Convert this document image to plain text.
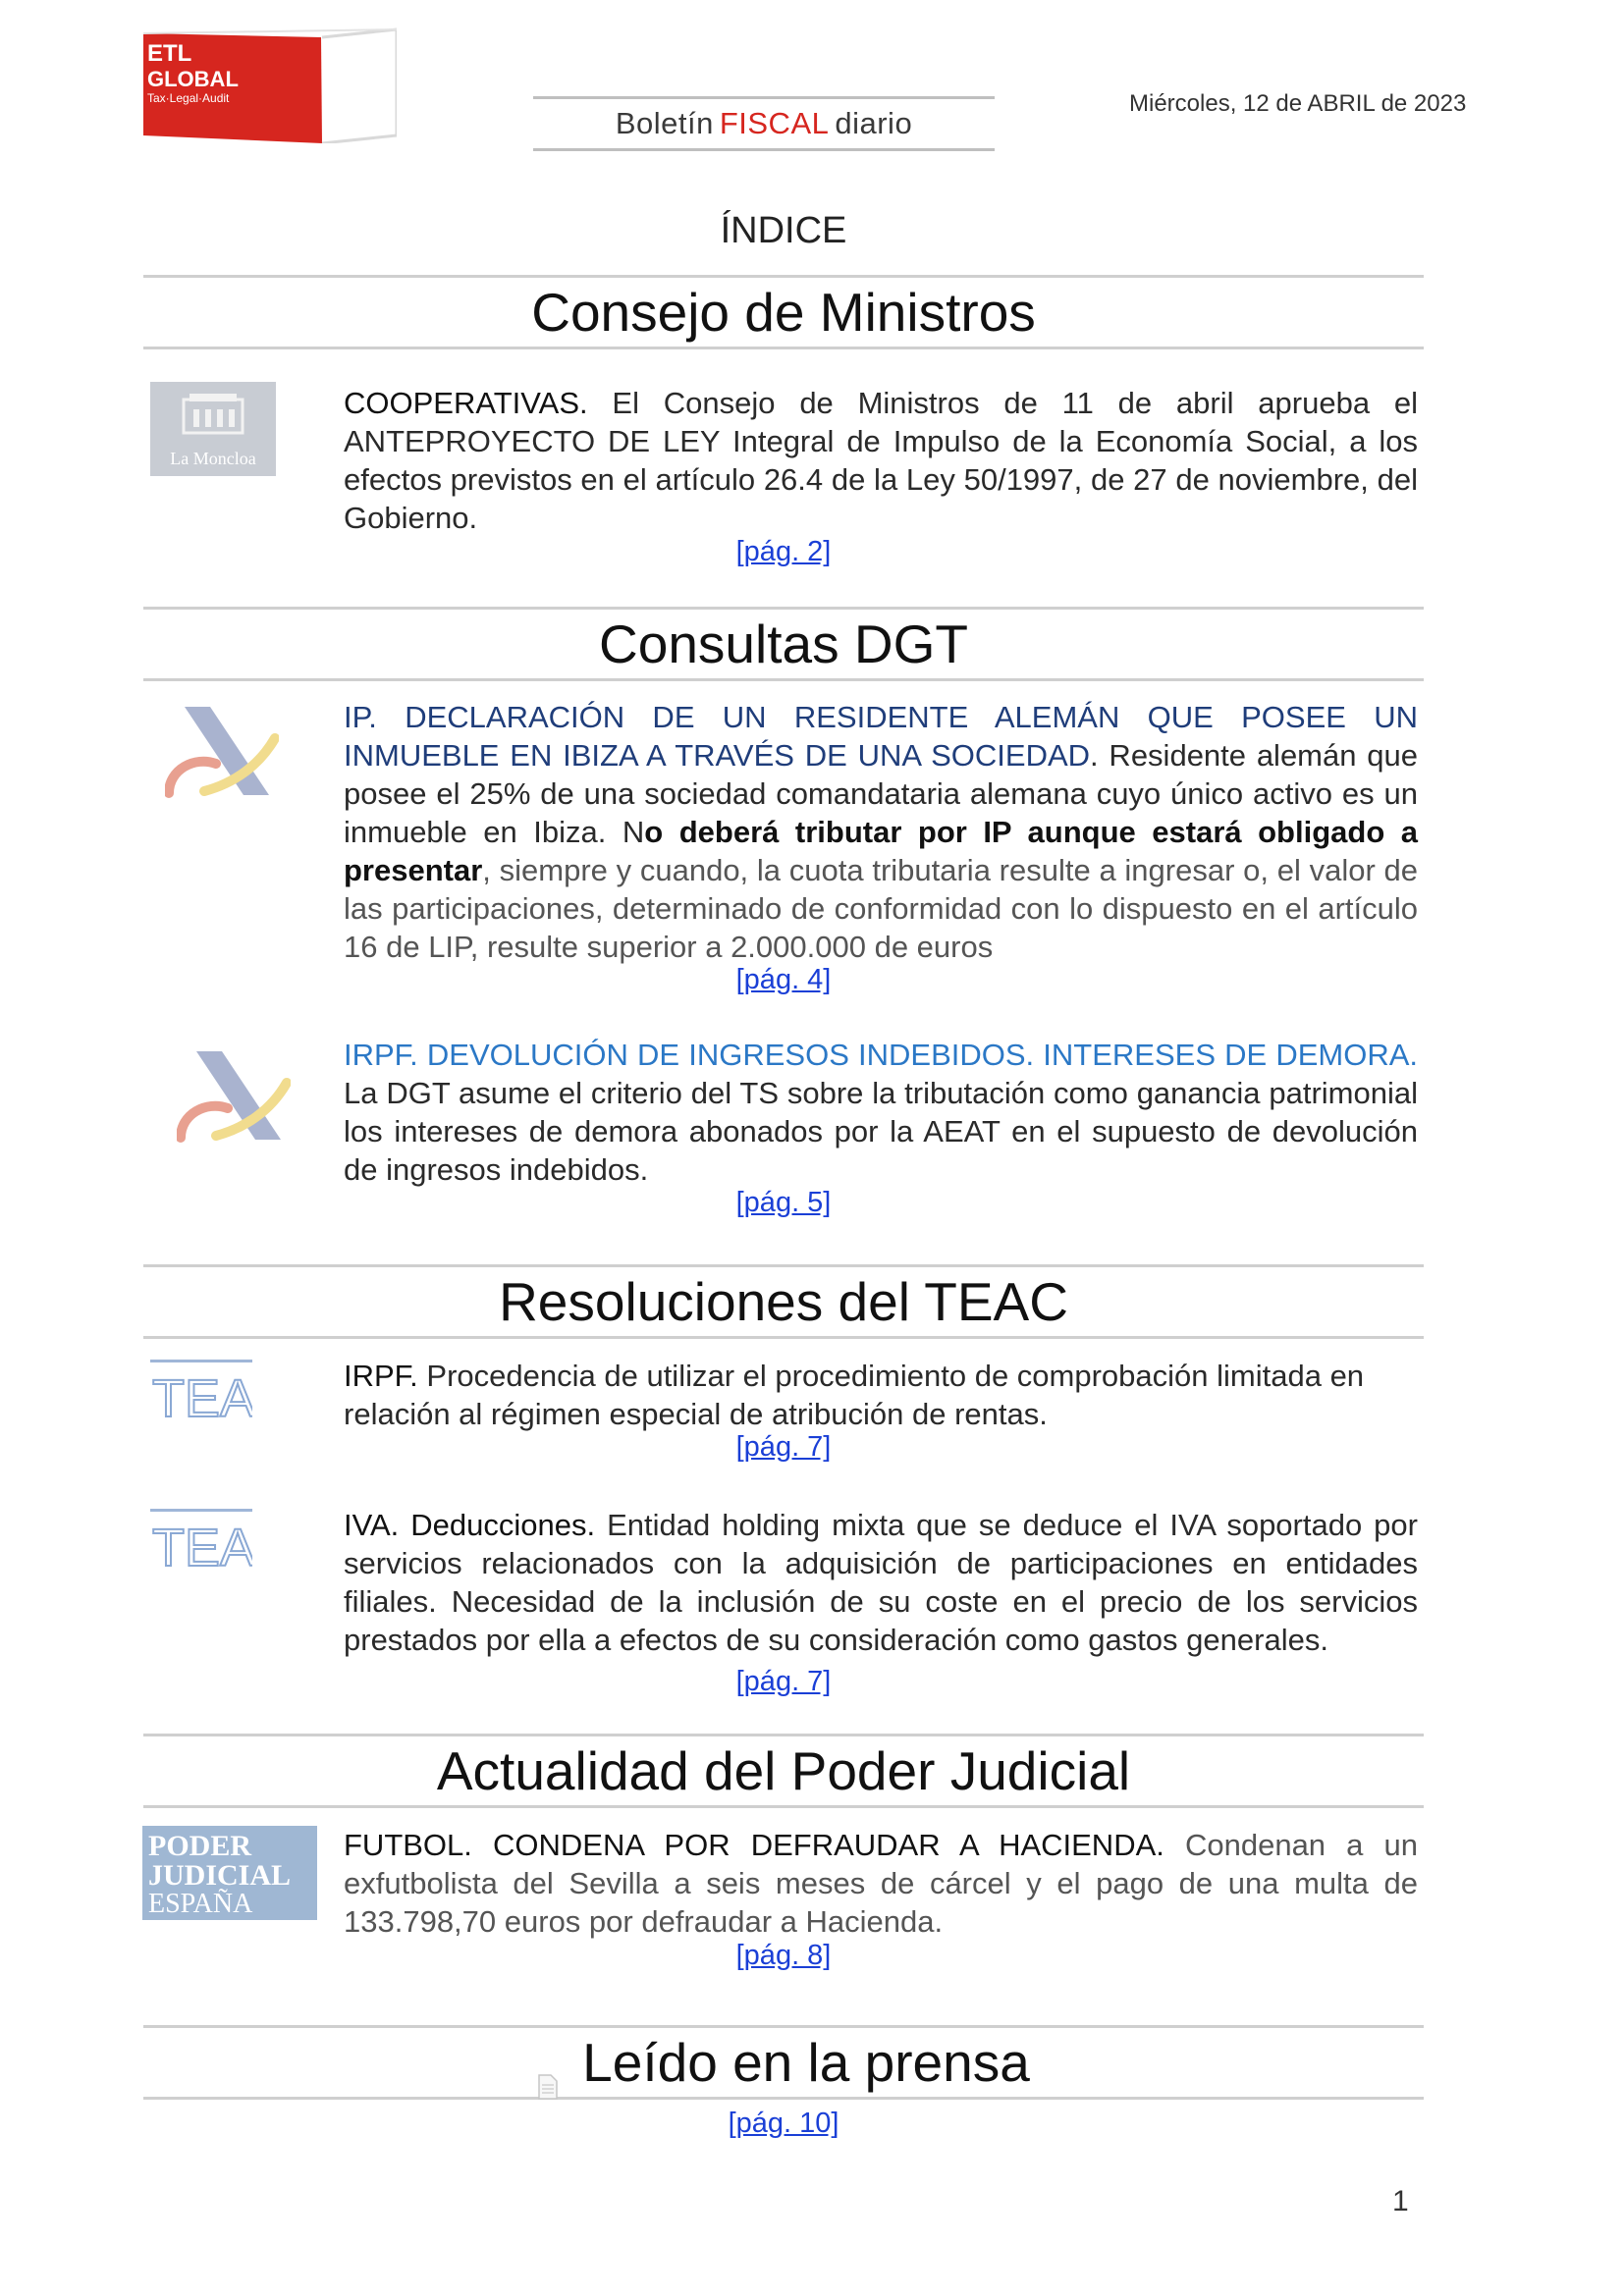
ETL
GLOBAL
Tax·Legal·Audit
Boletín FISCAL diario
Miércoles, 12 de ABRIL de 2023
ÍNDICE
Consejo de Ministros
La Moncloa
COOPERATIVAS. El Consejo de Ministros de 11 de abril aprueba el ANTEPROYECTO DE LEY Integral de Impulso de la Economía Social, a los efectos previstos en el artículo 26.4 de la Ley 50/1997, de 27 de noviembre, del Gobierno.
[pág. 2]
Consultas DGT
IP. DECLARACIÓN DE UN RESIDENTE ALEMÁN QUE POSEE UN INMUEBLE EN IBIZA A TRAVÉS DE UNA SOCIEDAD. Residente alemán que posee el 25% de una sociedad comandataria alemana cuyo único activo es un inmueble en Ibiza. No deberá tributar por IP aunque estará obligado a presentar, siempre y cuando, la cuota tributaria resulte a ingresar o, el valor de las participaciones, determinado de conformidad con lo dispuesto en el artículo 16 de LIP, resulte superior a 2.000.000 de euros
[pág. 4]
IRPF. DEVOLUCIÓN DE INGRESOS INDEBIDOS. INTERESES DE DEMORA. La DGT asume el criterio del TS sobre la tributación como ganancia patrimonial los intereses de demora abonados por la AEAT en el supuesto de devolución de ingresos indebidos.
[pág. 5]
Resoluciones del TEAC
TEA	IRPF. Procedencia de utilizar el procedimiento de comprobación limitada en relación al régimen especial de atribución de rentas.
[pág. 7]
TEA	IVA. Deducciones. Entidad holding mixta que se deduce el IVA soportado por servicios relacionados con la adquisición de participaciones en entidades filiales. Necesidad de la inclusión de su coste en el precio de los servicios prestados por ella a efectos de su consideración como gastos generales.
[pág. 7]
Actualidad del Poder Judicial
PODER
JUDICIAL
ESPAÑA
FUTBOL. CONDENA POR DEFRAUDAR A HACIENDA. Condenan a un exfutbolista del Sevilla a seis meses de cárcel y el pago de una multa de 133.798,70 euros por defraudar a Hacienda.
[pág. 8]
Leído en la prensa
[pág. 10]
1
